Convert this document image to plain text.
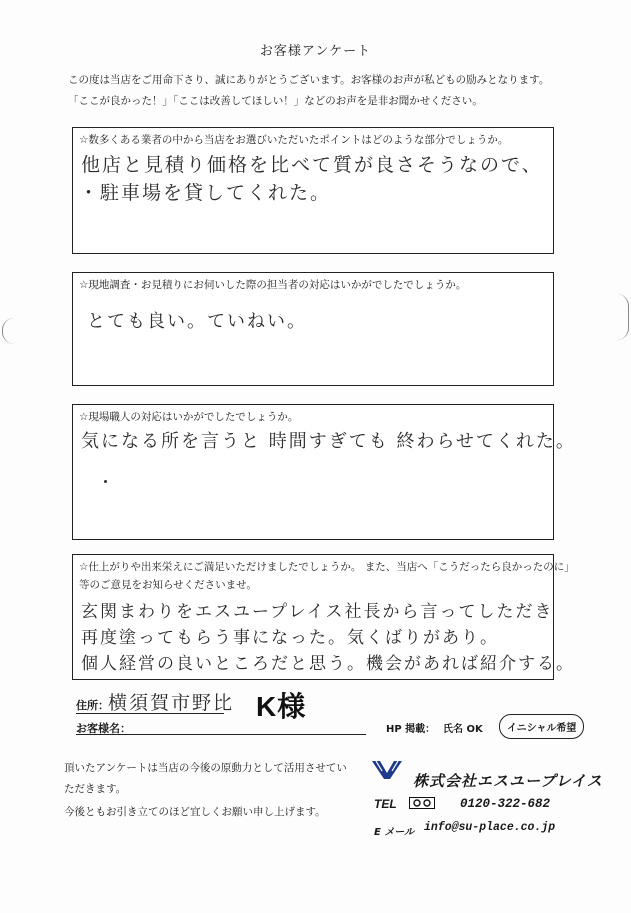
お客様アンケート
この度は当店をご用命下さり、誠にありがとうございます。お客様のお声が私どもの励みとなります。
「ここが良かった！」「ここは改善してほしい！」などのお声を是非お聞かせください。
☆数多くある業者の中から当店をお選びいただいたポイントはどのような部分でしょうか。
他店と見積り価格を比べて質が良さそうなので、
・駐車場を貸してくれた。
☆現地調査・お見積りにお伺いした際の担当者の対応はいかがでしたでしょうか。
とても良い。ていねい。
☆現場職人の対応はいかがでしたでしょうか。
気になる所を言うと 時間すぎても 終わらせてくれた。
☆仕上がりや出来栄えにご満足いただけましたでしょうか。 また、当店へ「こうだったら良かったのに」
等のご意見をお知らせくださいませ。
玄関まわりをエスユープレイス社長から言ってしただき
再度塗ってもらう事になった。気くばりがあり。
個人経営の良いところだと思う。機会があれば紹介する。
住所： 横須賀市野比
お客様名：
K様
HP 掲載： 氏名 OK	イニシャル希望
頂いたアンケートは当店の今後の原動力として活用させてい
ただきます。
今後ともお引き立てのほど宜しくお願い申し上げます。
株式会社エスユープレイス
TEL	0120-322-682
E メール info@su-place.co.jp
